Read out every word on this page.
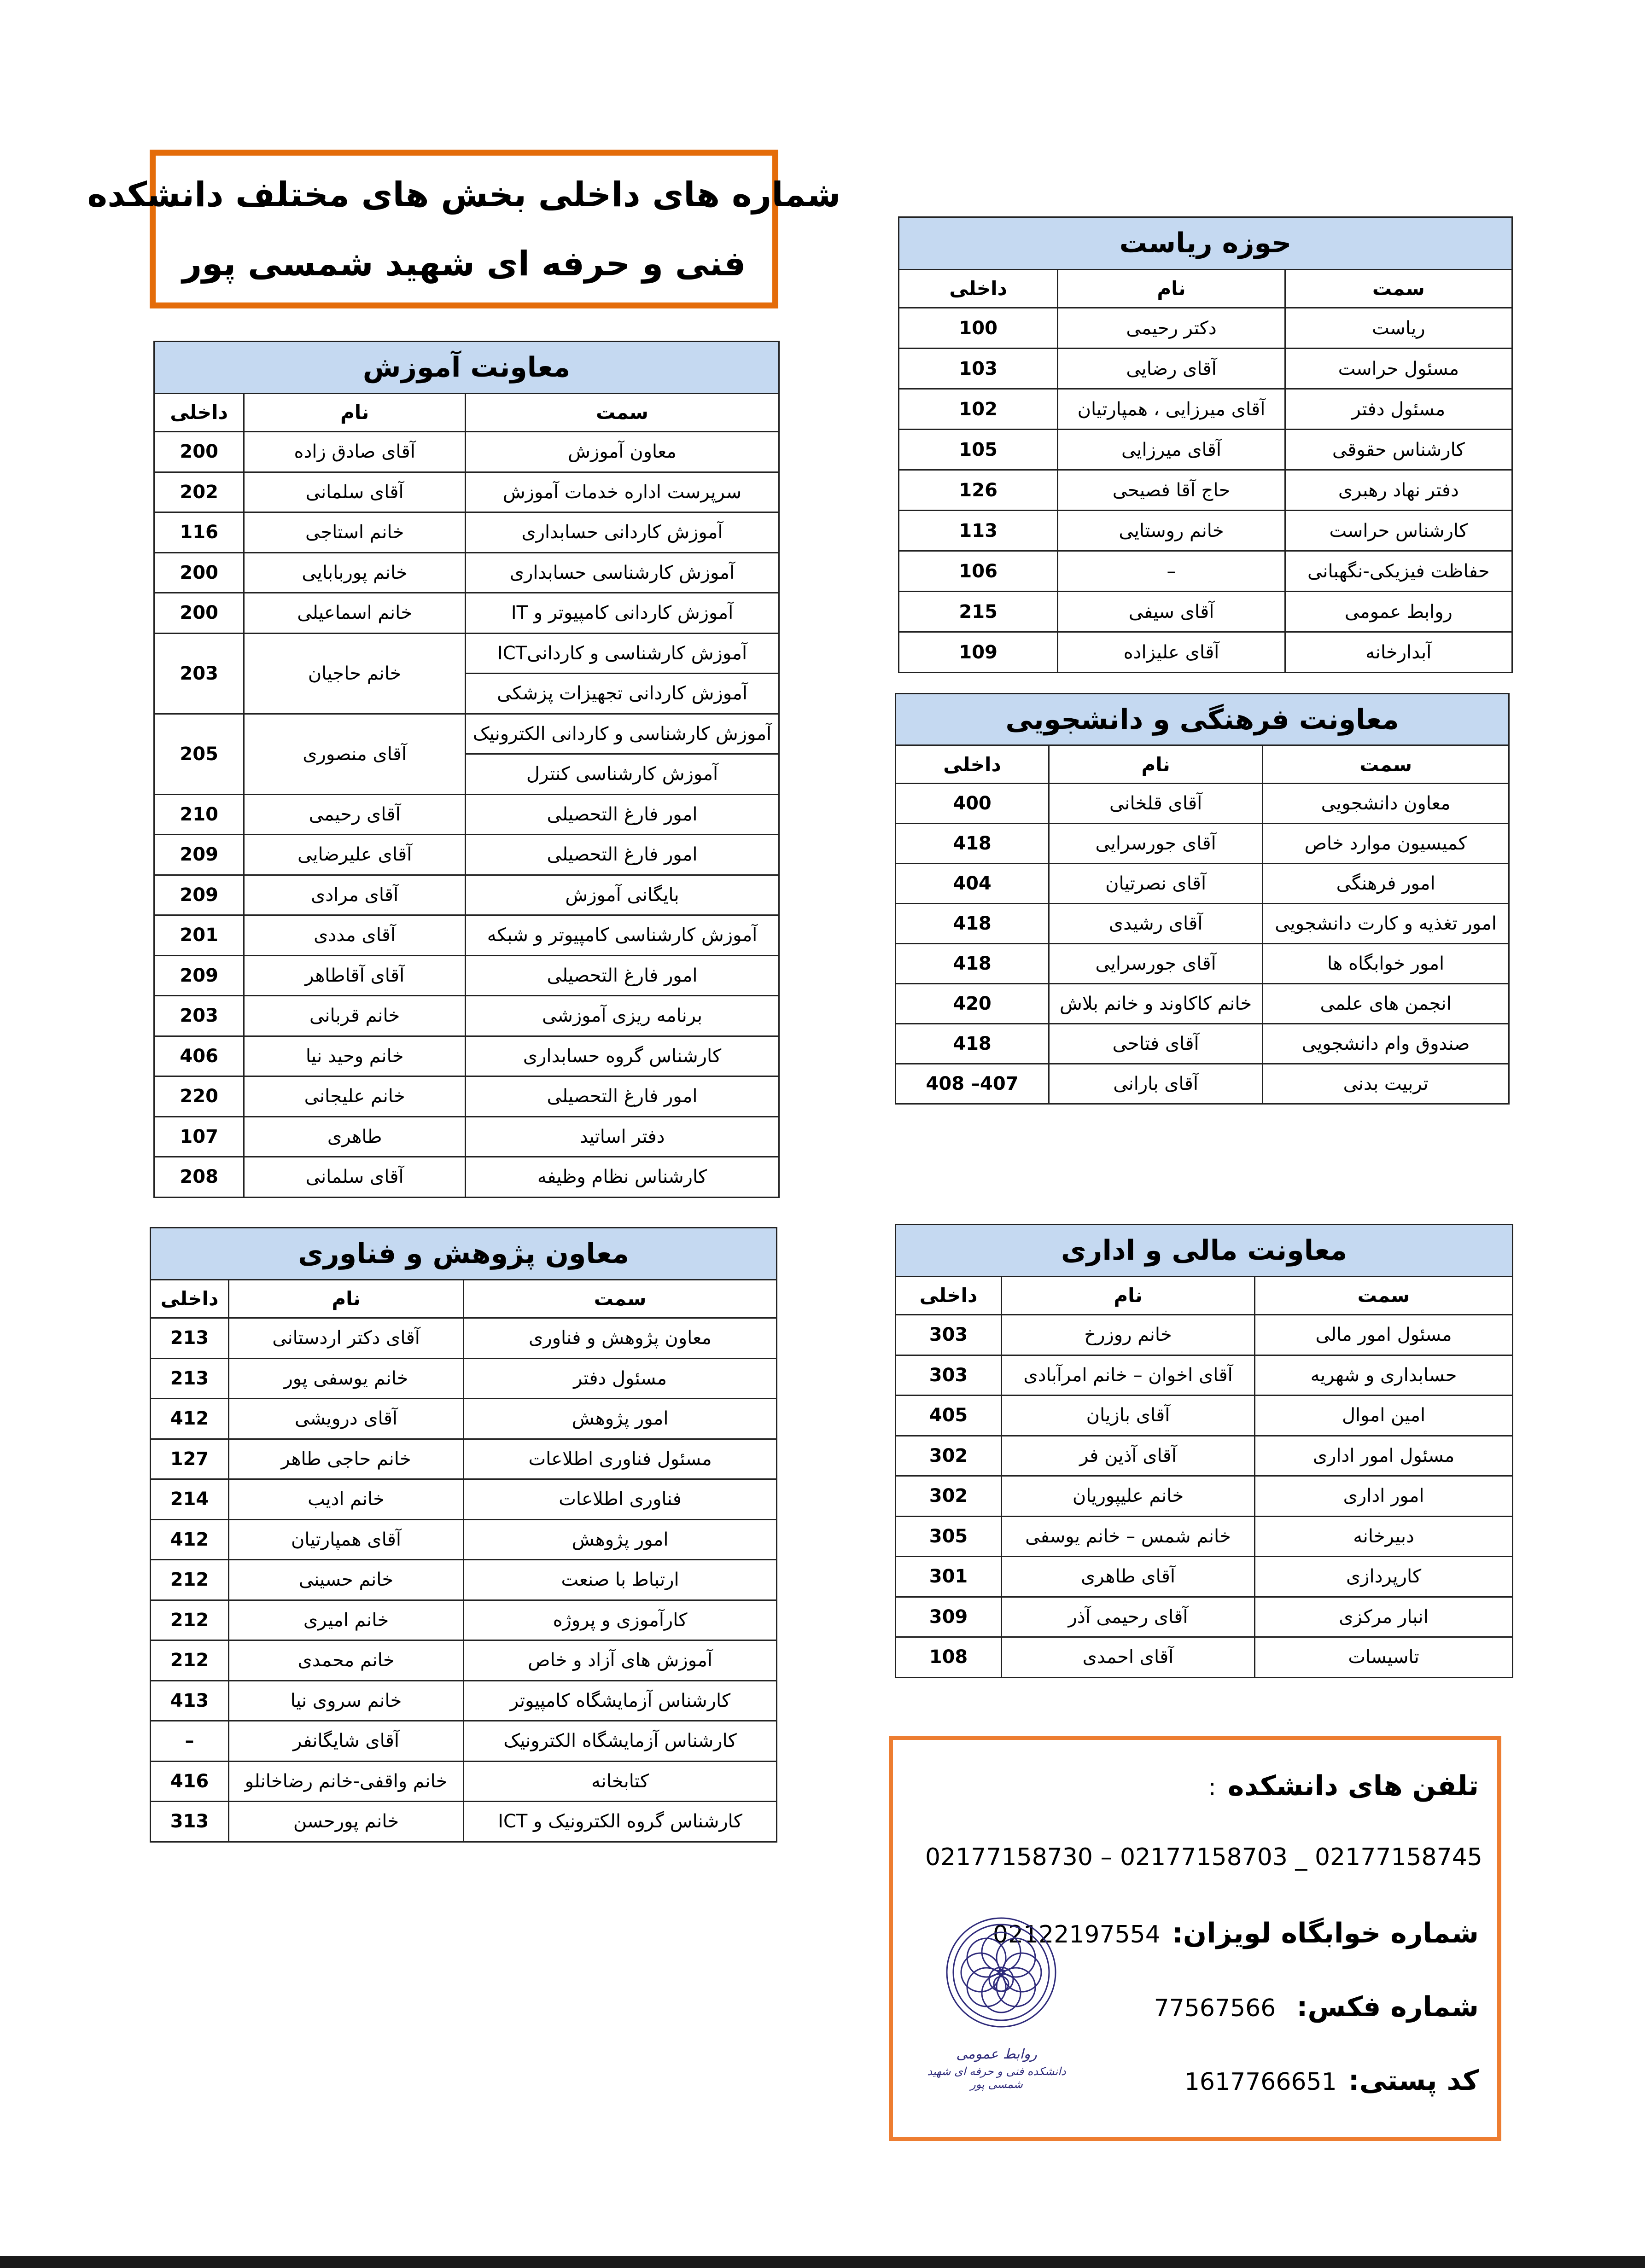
شماره های داخلی بخش های مختلف دانشکده
فنی و حرفه ای شهید شمسی پور
حوزه ریاست		
سمت	نام	داخلی
ریاست	دکتر رحیمی	100
مسئول حراست	آقای رضایی	103
مسئول دفتر	آقای میرزایی ، همپارتیان	102
کارشناس حقوقی	آقای میرزایی	105
دفتر نهاد رهبری	حاج آقا فصیحی	126
کارشناس حراست	خانم روستایی	113
حفاظت فیزیکی-نگهبانی	–	106
روابط عمومی	آقای سیفی	215
آبدارخانه	آقای علیزاده	109
معاونت آموزش		
سمت	نام	داخلی
معاون آموزش	آقای صادق زاده	200
سرپرست اداره خدمات آموزش	آقای سلمانی	202
آموزش کاردانی حسابداری	خانم استاجی	116
آموزش کارشناسی حسابداری	خانم پوربابایی	200
آموزش کاردانی کامپیوتر و IT	خانم اسماعیلی	200
آموزش کارشناسی و کاردانیICT	خانم حاجیان	203
آموزش کاردانی تجهیزات پزشکی		
آموزش کارشناسی و کاردانی الکترونیک	آقای منصوری	205
آموزش کارشناسی کنترل		
امور فارغ التحصیلی	آقای رحیمی	210
امور فارغ التحصیلی	آقای علیرضایی	209
بایگانی آموزش	آقای مرادی	209
آموزش کارشناسی کامپیوتر و شبکه	آقای مددی	201
امور فارغ التحصیلی	آقای آقاطاهر	209
برنامه ریزی آموزشی	خانم قربانی	203
کارشناس گروه حسابداری	خانم وحید نیا	406
امور فارغ التحصیلی	خانم علیجانی	220
دفتر اساتید	طاهری	107
کارشناس نظام وظیفه	آقای سلمانی	208
معاونت فرهنگی و دانشجویی		
سمت	نام	داخلی
معاون دانشجویی	آقای قلخانی	400
کمیسیون موارد خاص	آقای جورسرایی	418
امور فرهنگی	آقای نصرتیان	404
امور تغذیه و کارت دانشجویی	آقای رشیدی	418
امور خوابگاه ها	آقای جورسرایی	418
انجمن های علمی	خانم کاکاوند و خانم بلاش	420
صندوق وام دانشجویی	آقای فتاحی	418
تربیت بدنی	آقای بارانی	407– 408
معاون پژوهش و فناوری		
سمت	نام	داخلی
معاون پژوهش و فناوری	آقای دکتر اردستانی	213
مسئول دفتر	خانم یوسفی پور	213
امور پژوهش	آقای درویشی	412
مسئول فناوری اطلاعات	خانم حاجی طاهر	127
فناوری اطلاعات	خانم ادیب	214
امور پژوهش	آقای همپارتیان	412
ارتباط با صنعت	خانم حسینی	212
کارآموزی و پروژه	خانم امیری	212
آموزش های آزاد و خاص	خانم محمدی	212
کارشناس آزمایشگاه کامپیوتر	خانم سروی نیا	413
کارشناس آزمایشگاه الکترونیک	آقای شایگانفر	–
کتابخانه	خانم واقفی-خانم رضاخانلو	416
کارشناس گروه الکترونیک و ICT	خانم پورحسن	313
معاونت مالی و اداری		
سمت	نام	داخلی
مسئول امور مالی	خانم روزرخ	303
حسابداری و شهریه	آقای اخوان – خانم امرآبادی	303
امین اموال	آقای بازیان	405
مسئول امور اداری	آقای آذین فر	302
امور اداری	خانم علیپوریان	302
دبیرخانه	خانم شمس – خانم یوسفی	305
کارپردازی	آقای طاهری	301
انبار مرکزی	آقای رحیمی آذر	309
تاسیسات	آقای احمدی	108
تلفن های دانشکده :
02177158730 – 02177158703 _ 02177158745
شماره خوابگاه لویزان: 02122197554
شماره فکس: 77567566
کد پستی: 1617766651
روابط عمومی
دانشکده فنی و حرفه ای شهید شمسی پور
